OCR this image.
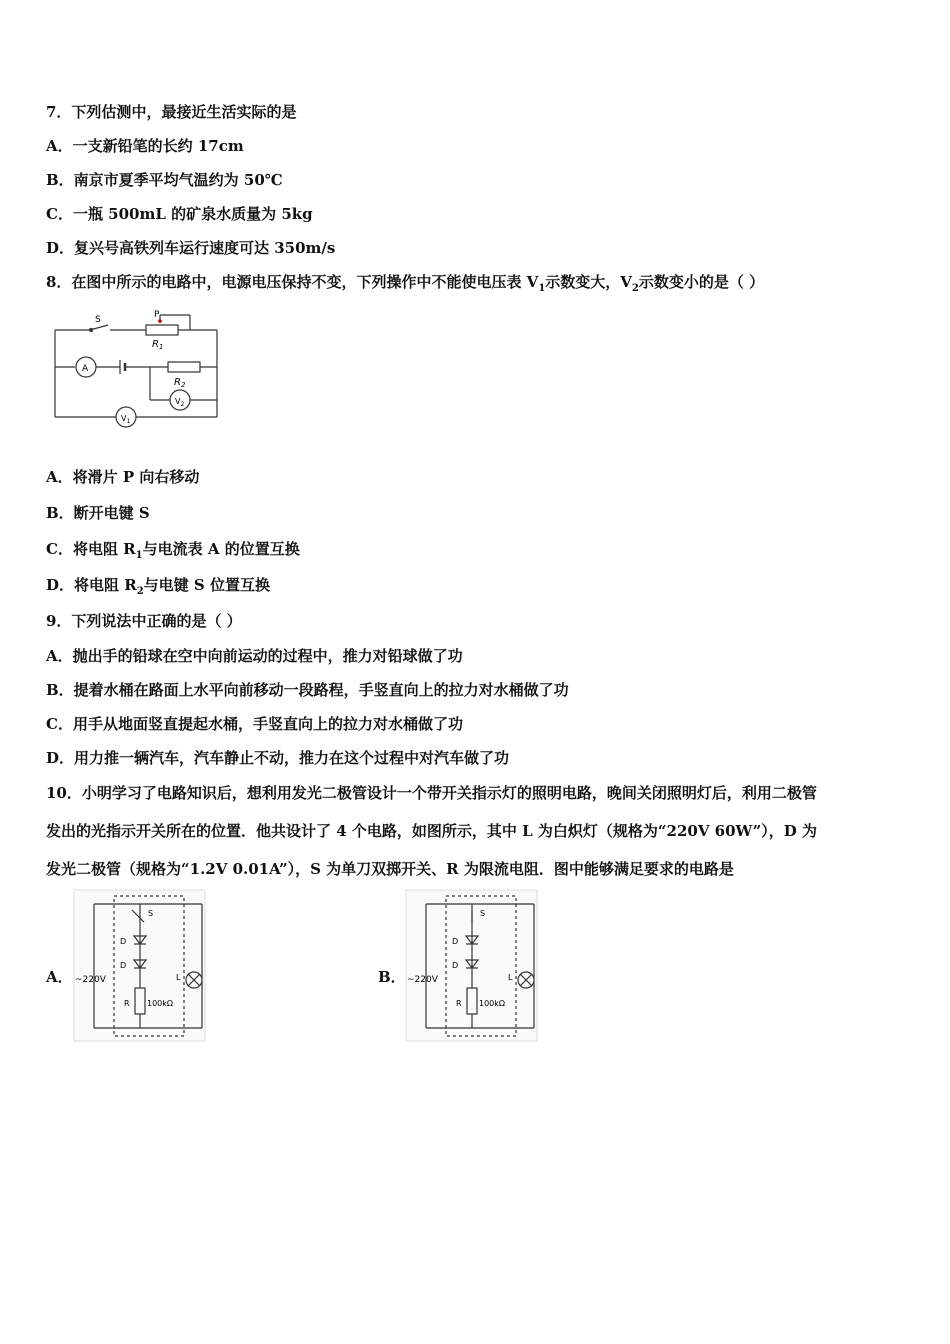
7．下列估测中，最接近生活实际的是
A．一支新铅笔的长约 17cm
B．南京市夏季平均气温约为 50℃
C．一瓶 500mL 的矿泉水质量为 5kg
D．复兴号高铁列车运行速度可达 350m/s
8．在图中所示的电路中，电源电压保持不变，下列操作中不能使电压表 $V_1$示数变大，$V_2$示数变小的是（ ）
S	P
$R_1$
$R_2$
A
$V_2$
$V_1$
A．将滑片 P 向右移动
B．断开电键 S
C．将电阻 $R_1$与电流表 A 的位置互换
D．将电阻 $R_2$与电键 S 位置互换
9．下列说法中正确的是（ ）
A．抛出手的铅球在空中向前运动的过程中，推力对铅球做了功
B．提着水桶在路面上水平向前移动一段路程，手竖直向上的拉力对水桶做了功
C．用手从地面竖直提起水桶，手竖直向上的拉力对水桶做了功
D．用力推一辆汽车，汽车静止不动，推力在这个过程中对汽车做了功
10．小明学习了电路知识后，想利用发光二极管设计一个带开关指示灯的照明电路，晚间关闭照明灯后，利用二极管
发出的光指示开关所在的位置．他共设计了 4 个电路，如图所示，其中 L 为白炽灯（规格为“220V 60W”），D 为
发光二极管（规格为“1.2V 0.01A”），S 为单刀双掷开关、R 为限流电阻．图中能够满足要求的电路是
A． ~220V
S
D
D
R 100kΩ
L	B． ~220V
S
D
D
R 100kΩ
L
